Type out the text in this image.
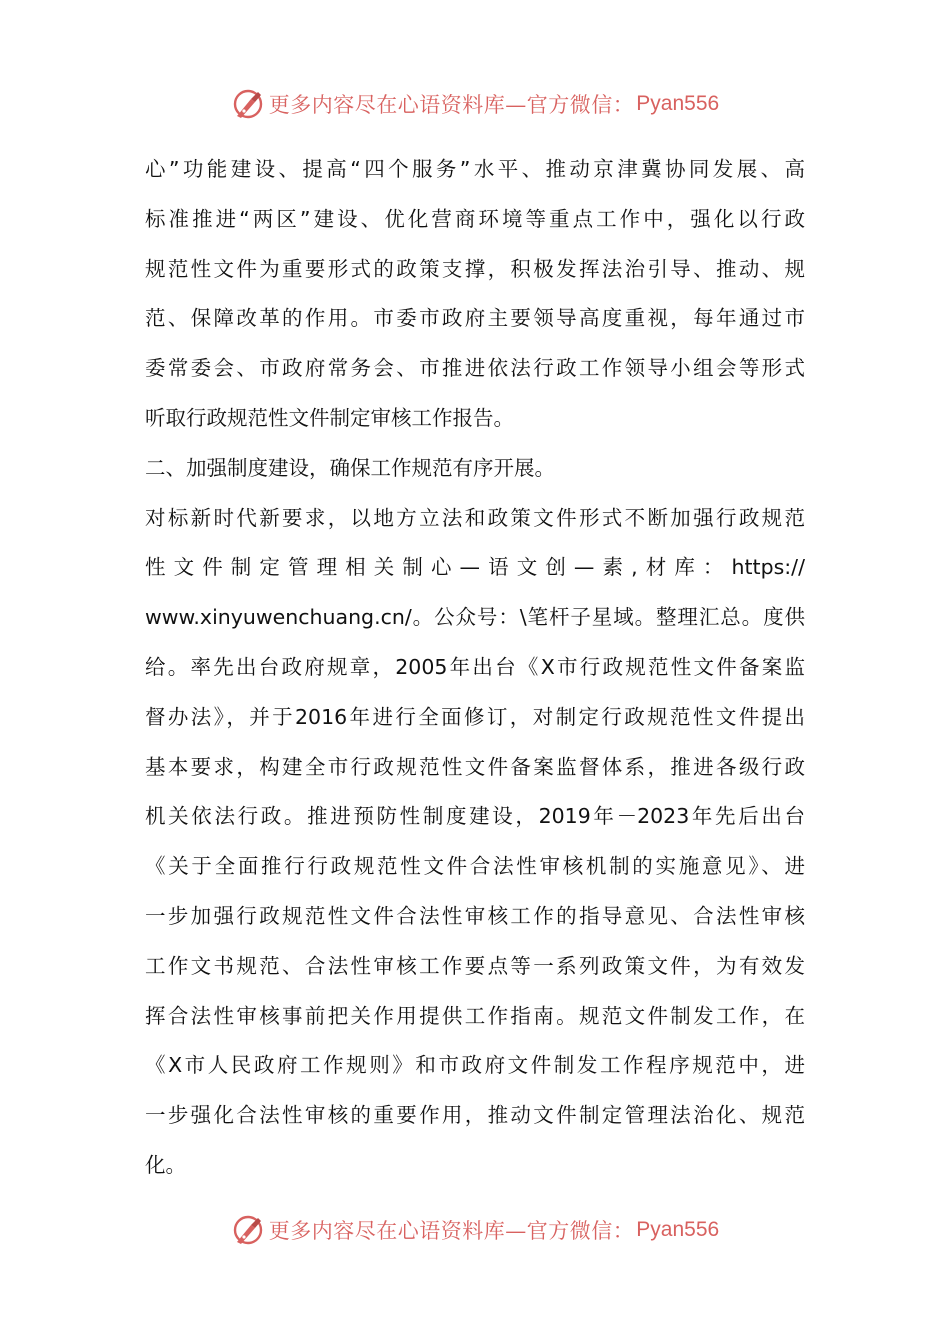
更多内容尽在心语资料库—官方微信： Pyan556
心”功能建设、提高“四个服务”水平、推动京津冀协同发展、高
标准推进“两区”建设、优化营商环境等重点工作中，强化以行政
规范性文件为重要形式的政策支撑，积极发挥法治引导、推动、规
范、保障改革的作用。市委市政府主要领导高度重视，每年通过市
委常委会、市政府常务会、市推进依法行政工作领导小组会等形式
听取行政规范性文件制定审核工作报告。
二、加强制度建设，确保工作规范有序开展。
对标新时代新要求，以地方立法和政策文件形式不断加强行政规范
性文件制定管理相关制心—语文创—素,材库：https://
www.xinyuwenchuang.cn/。公众号：\笔杆子星域。整理汇总。度供
给。率先出台政府规章，2005年出台《X市行政规范性文件备案监
督办法》，并于2016年进行全面修订，对制定行政规范性文件提出
基本要求，构建全市行政规范性文件备案监督体系，推进各级行政
机关依法行政。推进预防性制度建设，2019年－2023年先后出台
《关于全面推行行政规范性文件合法性审核机制的实施意见》、进
一步加强行政规范性文件合法性审核工作的指导意见、合法性审核
工作文书规范、合法性审核工作要点等一系列政策文件，为有效发
挥合法性审核事前把关作用提供工作指南。规范文件制发工作，在
《X市人民政府工作规则》和市政府文件制发工作程序规范中，进
一步强化合法性审核的重要作用，推动文件制定管理法治化、规范
化。
更多内容尽在心语资料库—官方微信： Pyan556
